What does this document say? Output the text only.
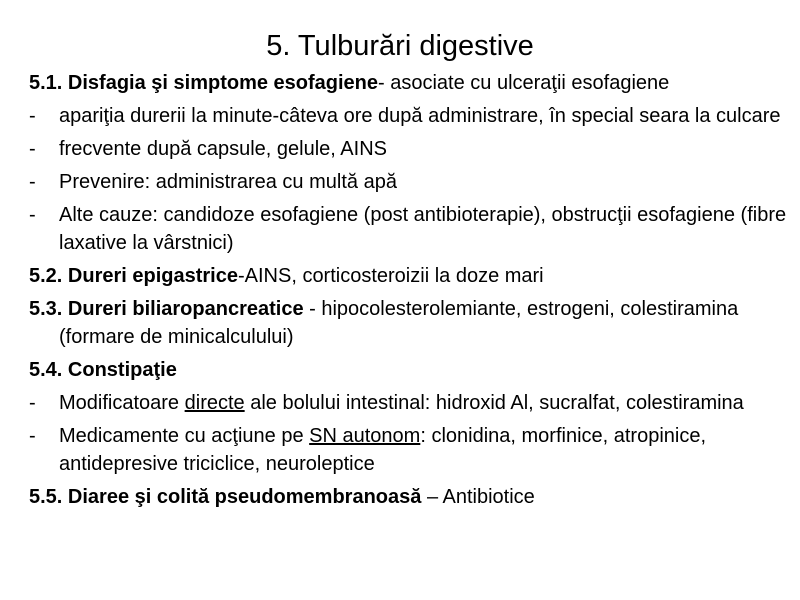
5. Tulburări digestive
5.1. Disfagia şi simptome esofagiene- asociate cu ulceraţii esofagiene
- apariţia durerii la minute-câteva ore după administrare, în special seara la culcare
- frecvente după capsule, gelule, AINS
- Prevenire: administrarea cu multă apă
- Alte cauze: candidoze esofagiene (post antibioterapie), obstrucţii esofagiene (fibre laxative la vârstnici)
5.2. Dureri epigastrice-AINS, corticosteroizii la doze mari
5.3. Dureri biliaropancreatice - hipocolesterolemiante, estrogeni, colestiramina (formare de minicalculului)
5.4. Constipaţie
- Modificatoare directe ale bolului intestinal: hidroxid Al, sucralfat, colestiramina
- Medicamente cu acţiune pe SN autonom: clonidina, morfinice, atropinice, antidepresive triciclice, neuroleptice
5.5. Diaree şi colită pseudomembranoasă – Antibiotice
